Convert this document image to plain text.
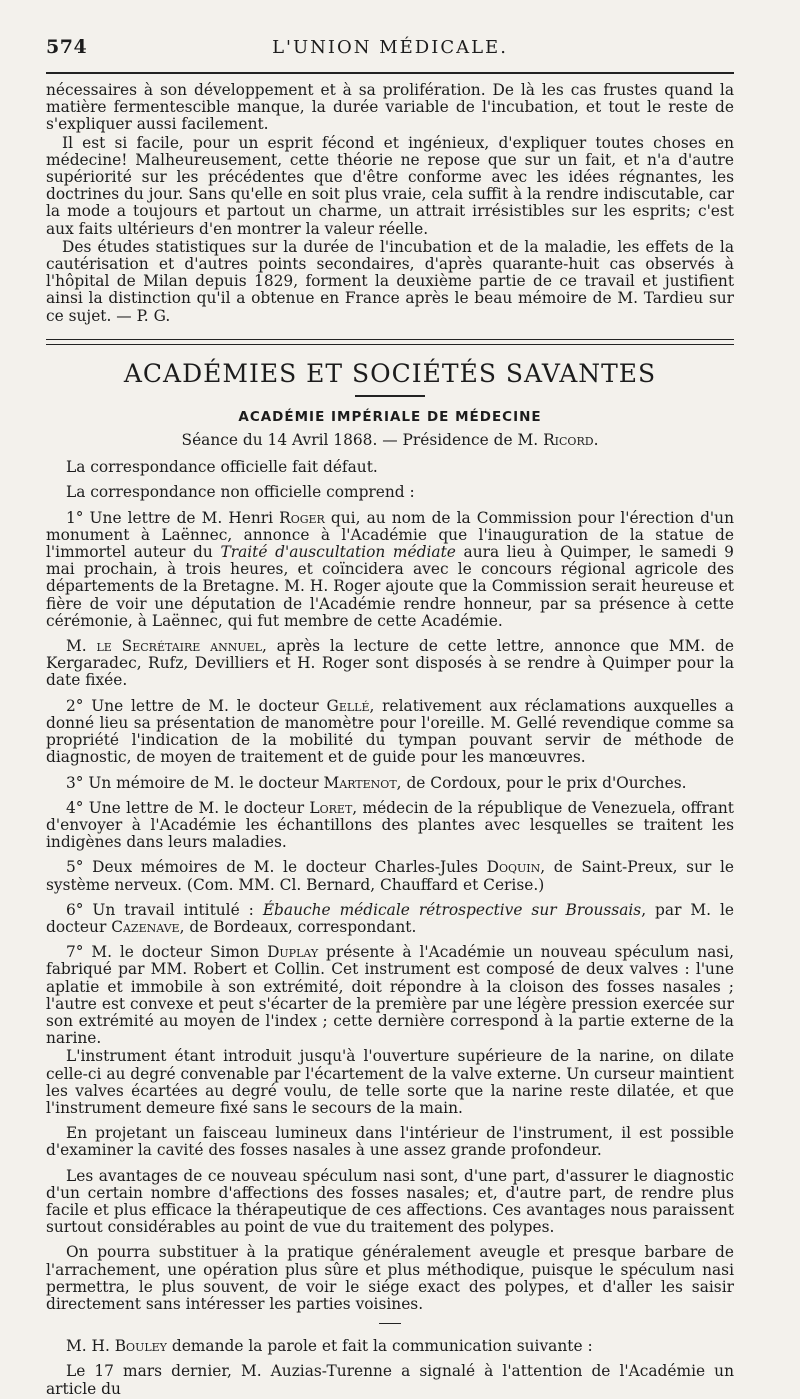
574	L'UNION MÉDICALE.

nécessaires à son développement et à sa prolifération. De là les cas frustes quand la matière fermentescible manque, la durée variable de l'incubation, et tout le reste de s'expliquer aussi facilement.

Il est si facile, pour un esprit fécond et ingénieux, d'expliquer toutes choses en médecine! Malheureusement, cette théorie ne repose que sur un fait, et n'a d'autre supériorité sur les précédentes que d'être conforme avec les idées régnantes, les doctrines du jour. Sans qu'elle en soit plus vraie, cela suffit à la rendre indiscutable, car la mode a toujours et partout un charme, un attrait irrésistibles sur les esprits; c'est aux faits ultérieurs d'en montrer la valeur réelle.

Des études statistiques sur la durée de l'incubation et de la maladie, les effets de la cautérisation et d'autres points secondaires, d'après quarante-huit cas observés à l'hôpital de Milan depuis 1829, forment la deuxième partie de ce travail et justifient ainsi la distinction qu'il a obtenue en France après le beau mémoire de M. Tardieu sur ce sujet. — P. G.

ACADÉMIES ET SOCIÉTÉS SAVANTES
ACADÉMIE IMPÉRIALE DE MÉDECINE
Séance du 14 Avril 1868. — Présidence de M. Ricord.

La correspondance officielle fait défaut.

La correspondance non officielle comprend :

1° Une lettre de M. Henri Roger qui, au nom de la Commission pour l'érection d'un monument à Laënnec, annonce à l'Académie que l'inauguration de la statue de l'immortel auteur du Traité d'auscultation médiate aura lieu à Quimper, le samedi 9 mai prochain, à trois heures, et coïncidera avec le concours régional agricole des départements de la Bretagne. M. H. Roger ajoute que la Commission serait heureuse et fière de voir une députation de l'Académie rendre honneur, par sa présence à cette cérémonie, à Laënnec, qui fut membre de cette Académie.

M. le Secrétaire annuel, après la lecture de cette lettre, annonce que MM. de Kergaradec, Rufz, Devilliers et H. Roger sont disposés à se rendre à Quimper pour la date fixée.

2° Une lettre de M. le docteur Gellé, relativement aux réclamations auxquelles a donné lieu sa présentation de manomètre pour l'oreille. M. Gellé revendique comme sa propriété l'indication de la mobilité du tympan pouvant servir de méthode de diagnostic, de moyen de traitement et de guide pour les manœuvres.

3° Un mémoire de M. le docteur Martenot, de Cordoux, pour le prix d'Ourches.

4° Une lettre de M. le docteur Loret, médecin de la république de Venezuela, offrant d'envoyer à l'Académie les échantillons des plantes avec lesquelles se traitent les indigènes dans leurs maladies.

5° Deux mémoires de M. le docteur Charles-Jules Doquin, de Saint-Preux, sur le système nerveux. (Com. MM. Cl. Bernard, Chauffard et Cerise.)

6° Un travail intitulé : Ébauche médicale rétrospective sur Broussais, par M. le docteur Cazenave, de Bordeaux, correspondant.

7° M. le docteur Simon Duplay présente à l'Académie un nouveau spéculum nasi, fabriqué par MM. Robert et Collin. Cet instrument est composé de deux valves : l'une aplatie et immobile à son extrémité, doit répondre à la cloison des fosses nasales ; l'autre est convexe et peut s'écarter de la première par une légère pression exercée sur son extrémité au moyen de l'index ; cette dernière correspond à la partie externe de la narine.

L'instrument étant introduit jusqu'à l'ouverture supérieure de la narine, on dilate celle-ci au degré convenable par l'écartement de la valve externe. Un curseur maintient les valves écartées au degré voulu, de telle sorte que la narine reste dilatée, et que l'instrument demeure fixé sans le secours de la main.

En projetant un faisceau lumineux dans l'intérieur de l'instrument, il est possible d'examiner la cavité des fosses nasales à une assez grande profondeur.

Les avantages de ce nouveau spéculum nasi sont, d'une part, d'assurer le diagnostic d'un certain nombre d'affections des fosses nasales; et, d'autre part, de rendre plus facile et plus efficace la thérapeutique de ces affections. Ces avantages nous paraissent surtout considérables au point de vue du traitement des polypes.

On pourra substituer à la pratique généralement aveugle et presque barbare de l'arrachement, une opération plus sûre et plus méthodique, puisque le spéculum nasi permettra, le plus souvent, de voir le siége exact des polypes, et d'aller les saisir directement sans intéresser les parties voisines.

M. H. Bouley demande la parole et fait la communication suivante :

Le 17 mars dernier, M. Auzias-Turenne a signalé à l'attention de l'Académie un article du
